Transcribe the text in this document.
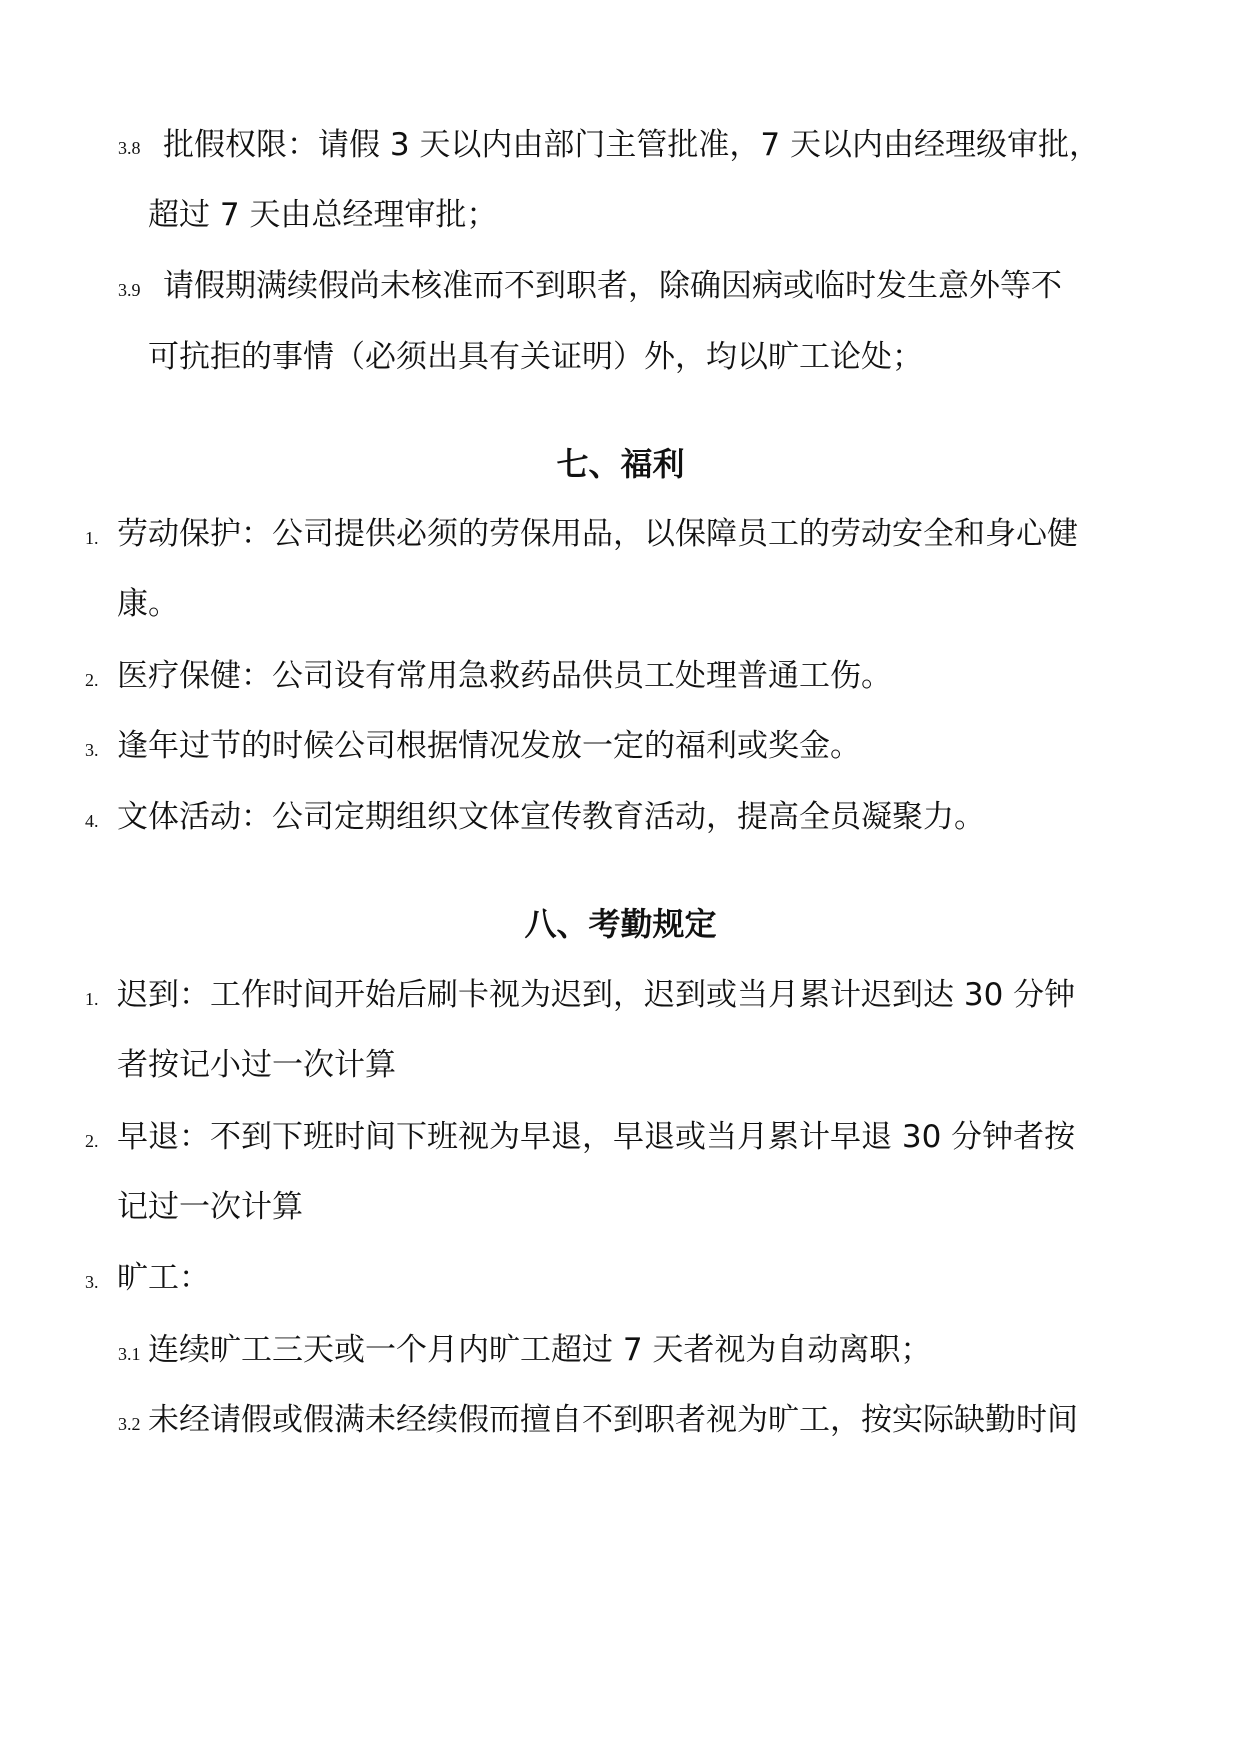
3.8 批假权限：请假 3 天以内由部门主管批准，7 天以内由经理级审批，
超过 7 天由总经理审批；
3.9 请假期满续假尚未核准而不到职者，除确因病或临时发生意外等不
可抗拒的事情（必须出具有关证明）外，均以旷工论处；
七、福利
1. 劳动保护：公司提供必须的劳保用品，以保障员工的劳动安全和身心健
康。
2. 医疗保健：公司设有常用急救药品供员工处理普通工伤。
3. 逢年过节的时候公司根据情况发放一定的福利或奖金。
4. 文体活动：公司定期组织文体宣传教育活动，提高全员凝聚力。
八、考勤规定
1. 迟到：工作时间开始后刷卡视为迟到，迟到或当月累计迟到达 30 分钟
者按记小过一次计算
2. 早退：不到下班时间下班视为早退，早退或当月累计早退 30 分钟者按
记过一次计算
3. 旷工：
3.1 连续旷工三天或一个月内旷工超过 7 天者视为自动离职；
3.2 未经请假或假满未经续假而擅自不到职者视为旷工，按实际缺勤时间
